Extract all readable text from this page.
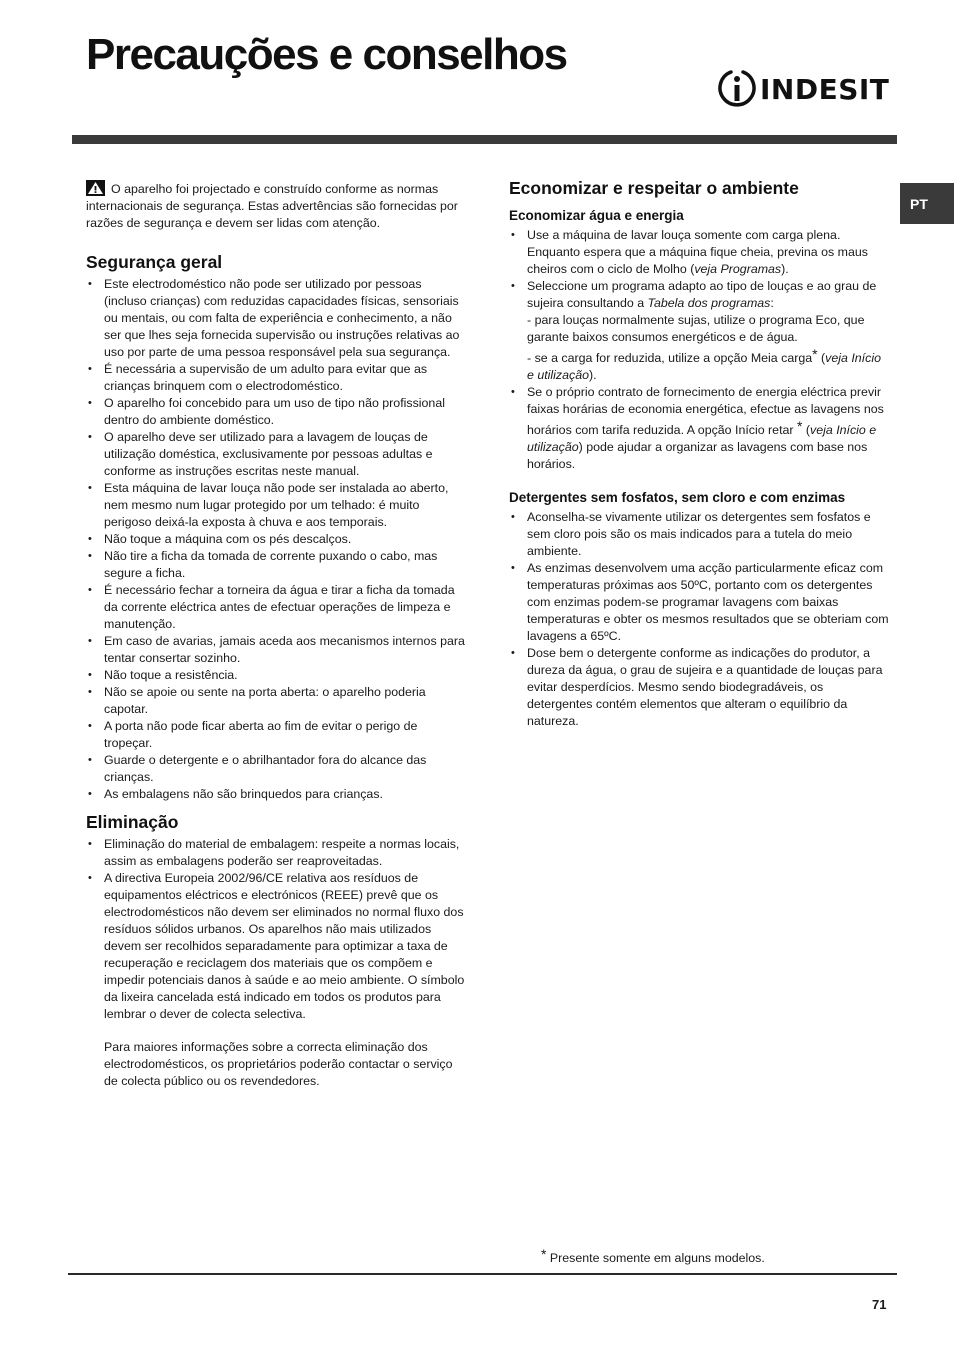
Precauções e conselhos
INDESIT
PT

O aparelho foi projectado e construído conforme as normas internacionais de segurança. Estas advertências são fornecidas por razões de segurança e devem ser lidas com atenção.

Segurança geral
• Este electrodoméstico não pode ser utilizado por pessoas (incluso crianças) com reduzidas capacidades físicas, sensoriais ou mentais, ou com falta de experiência e conhecimento, a não ser que lhes seja fornecida supervisão ou instruções relativas ao uso por parte de uma pessoa responsável pela sua segurança.
• É necessária a supervisão de um adulto para evitar que as crianças brinquem com o electrodoméstico.
• O aparelho foi concebido para um uso de tipo não profissional dentro do ambiente doméstico.
• O aparelho deve ser utilizado para a lavagem de louças de utilização doméstica, exclusivamente por pessoas adultas e conforme as instruções escritas neste manual.
• Esta máquina de lavar louça não pode ser instalada ao aberto, nem mesmo num lugar protegido por um telhado: é muito perigoso deixá-la exposta à chuva e aos temporais.
• Não toque a máquina com os pés descalços.
• Não tire a ficha da tomada de corrente puxando o cabo, mas segure a ficha.
• É necessário fechar a torneira da água e tirar a ficha da tomada da corrente eléctrica antes de efectuar operações de limpeza e manutenção.
• Em caso de avarias, jamais aceda aos mecanismos internos para tentar consertar sozinho.
• Não toque a resistência.
• Não se apoie ou sente na porta aberta: o aparelho poderia capotar.
• A porta não pode ficar aberta ao fim de evitar o perigo de tropeçar.
• Guarde o detergente e o abrilhantador fora do alcance das crianças.
• As embalagens não são brinquedos para crianças.
Eliminação
• Eliminação do material de embalagem: respeite a normas locais, assim as embalagens poderão ser reaproveitadas.
• A directiva Europeia 2002/96/CE relativa aos resíduos de equipamentos eléctricos e electrónicos (REEE) prevê que os electrodomésticos não devem ser eliminados no normal fluxo dos resíduos sólidos urbanos. Os aparelhos não mais utilizados devem ser recolhidos separadamente para optimizar a taxa de recuperação e reciclagem dos materiais que os compõem e impedir potenciais danos à saúde e ao meio ambiente. O símbolo da lixeira cancelada está indicado em todos os produtos para lembrar o dever de colecta selectiva.

Para maiores informações sobre a correcta eliminação dos electrodomésticos, os proprietários poderão contactar o serviço de colecta público ou os revendedores.

Economizar e respeitar o ambiente
Economizar água e energia
• Use a máquina de lavar louça somente com carga plena. Enquanto espera que a máquina fique cheia, previna os maus cheiros com o ciclo de Molho (veja Programas).
• Seleccione um programa adapto ao tipo de louças e ao grau de sujeira consultando a Tabela dos programas:
- para louças normalmente sujas, utilize o programa Eco, que garante baixos consumos energéticos e de água.
- se a carga for reduzida, utilize a opção Meia carga* (veja Início e utilização).
• Se o próprio contrato de fornecimento de energia eléctrica previr faixas horárias de economia energética, efectue as lavagens nos horários com tarifa reduzida. A opção Início retar * (veja Início e utilização) pode ajudar a organizar as lavagens com base nos horários.
Detergentes sem fosfatos, sem cloro e com enzimas
• Aconselha-se vivamente utilizar os detergentes sem fosfatos e sem cloro pois são os mais indicados para a tutela do meio ambiente.
• As enzimas desenvolvem uma acção particularmente eficaz com temperaturas próximas aos 50ºC, portanto com os detergentes com enzimas podem-se programar lavagens com baixas temperaturas e obter os mesmos resultados que se obteriam com lavagens a 65ºC.
• Dose bem o detergente conforme as indicações do produtor, a dureza da água, o grau de sujeira e a quantidade de louças para evitar desperdícios. Mesmo sendo biodegradáveis, os detergentes contém elementos que alteram o equilíbrio da natureza.
* Presente somente em alguns modelos.
71
